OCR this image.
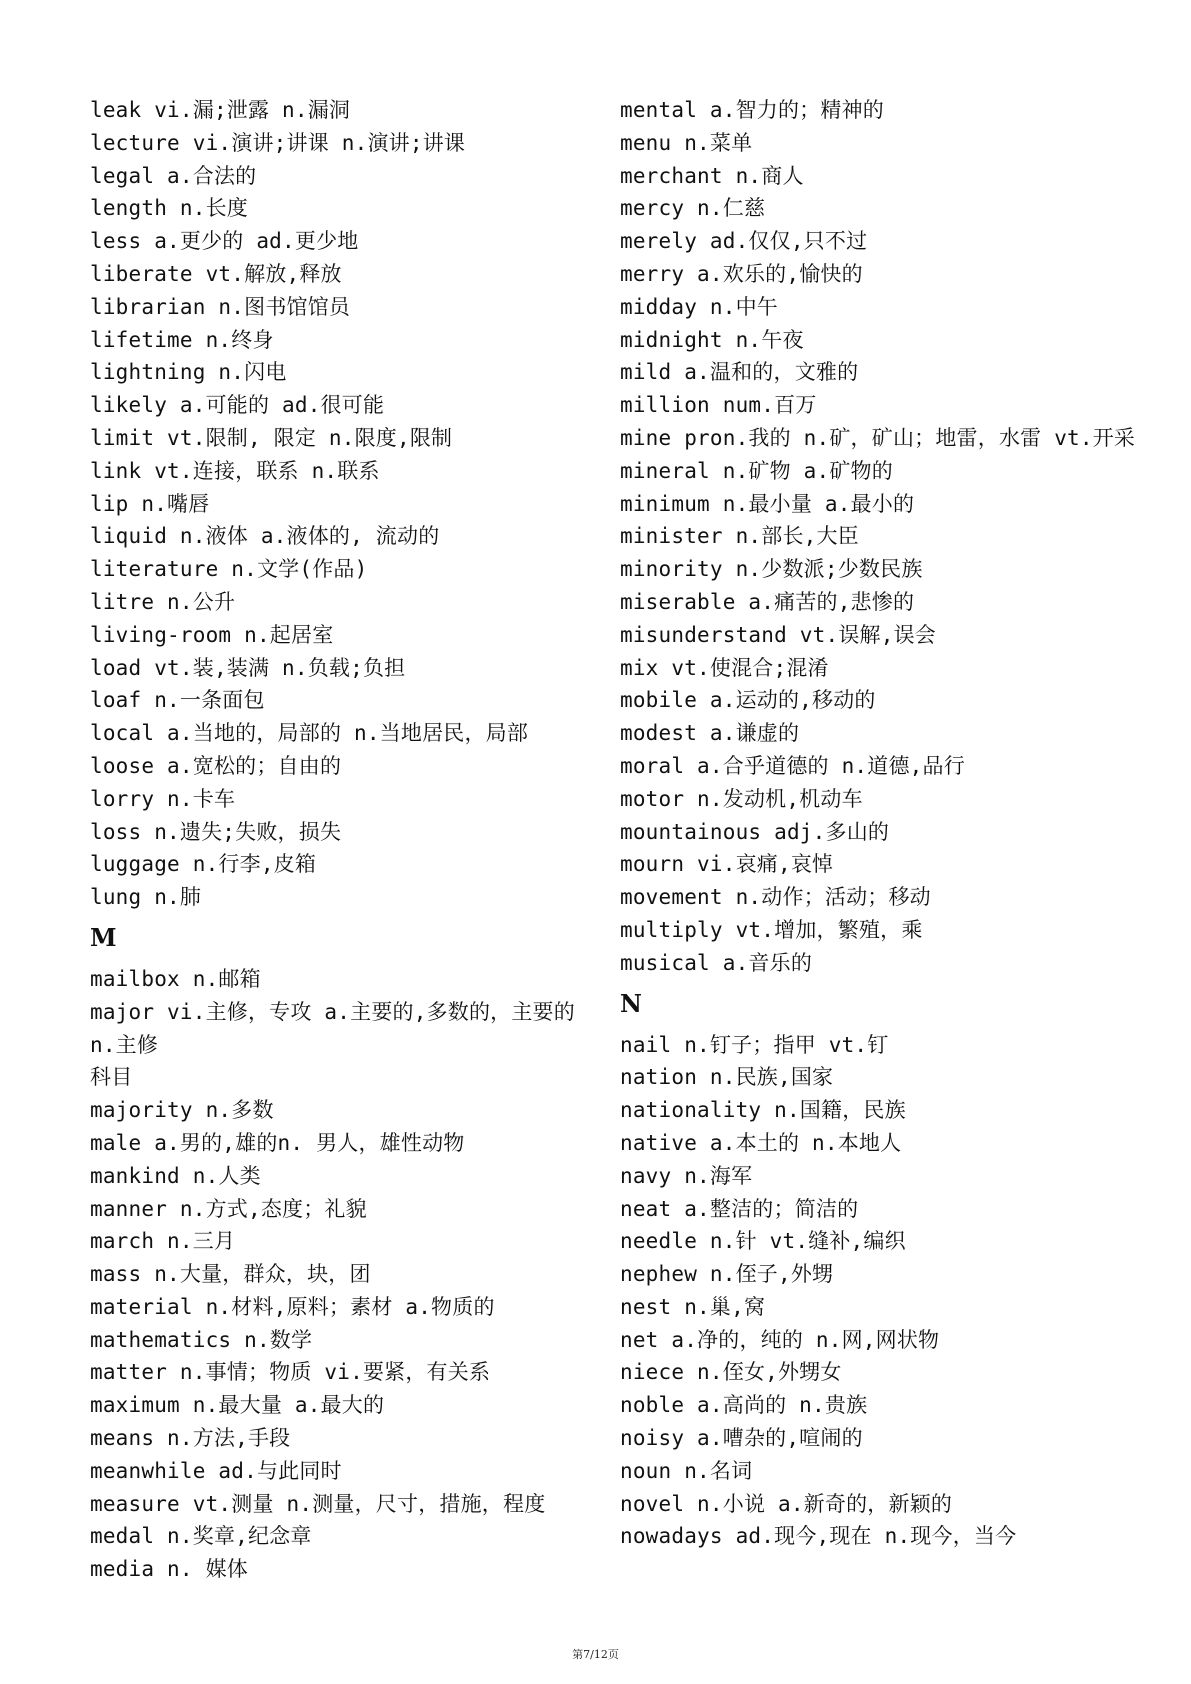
leak vi.漏;泄露 n.漏洞
lecture vi.演讲;讲课 n.演讲;讲课
legal a.合法的
length n.长度
less a.更少的 ad.更少地
liberate vt.解放,释放
librarian n.图书馆馆员
lifetime n.终身
lightning n.闪电
likely a.可能的 ad.很可能
limit vt.限制, 限定 n.限度,限制
link vt.连接，联系 n.联系
lip n.嘴唇
liquid n.液体 a.液体的, 流动的
literature n.文学(作品)
litre n.公升
living-room n.起居室
load vt.装,装满 n.负载;负担
loaf n.一条面包
local a.当地的，局部的 n.当地居民，局部
loose a.宽松的；自由的
lorry n.卡车
loss n.遗失;失败，损失
luggage n.行李,皮箱
lung n.肺
M
mailbox n.邮箱
major vi.主修，专攻 a.主要的,多数的，主要的 n.主修
科目
majority n.多数
male a.男的,雄的n. 男人，雄性动物
mankind n.人类
manner n.方式,态度；礼貌
march n.三月
mass n.大量，群众，块，团
material n.材料,原料；素材 a.物质的
mathematics n.数学
matter n.事情；物质 vi.要紧，有关系
maximum n.最大量 a.最大的
means n.方法,手段
meanwhile ad.与此同时
measure vt.测量 n.测量，尺寸，措施，程度
medal n.奖章,纪念章
media n. 媒体
mental a.智力的；精神的
menu n.菜单
merchant n.商人
mercy n.仁慈
merely ad.仅仅,只不过
merry a.欢乐的,愉快的
midday n.中午
midnight n.午夜
mild a.温和的，文雅的
million num.百万
mine pron.我的 n.矿，矿山；地雷，水雷 vt.开采
mineral n.矿物 a.矿物的
minimum n.最小量 a.最小的
minister n.部长,大臣
minority n.少数派;少数民族
miserable a.痛苦的,悲惨的
misunderstand vt.误解,误会
mix vt.使混合;混淆
mobile a.运动的,移动的
modest a.谦虚的
moral a.合乎道德的 n.道德,品行
motor n.发动机,机动车
mountainous adj.多山的
mourn vi.哀痛,哀悼
movement n.动作；活动；移动
multiply vt.增加，繁殖，乘
musical a.音乐的
N
nail n.钉子；指甲 vt.钉
nation n.民族,国家
nationality n.国籍，民族
native a.本土的 n.本地人
navy n.海军
neat a.整洁的；简洁的
needle n.针 vt.缝补,编织
nephew n.侄子,外甥
nest n.巢,窝
net a.净的，纯的 n.网,网状物
niece n.侄女,外甥女
noble a.高尚的 n.贵族
noisy a.嘈杂的,喧闹的
noun n.名词
novel n.小说 a.新奇的，新颖的
nowadays ad.现今,现在 n.现今，当今
第7/12页
